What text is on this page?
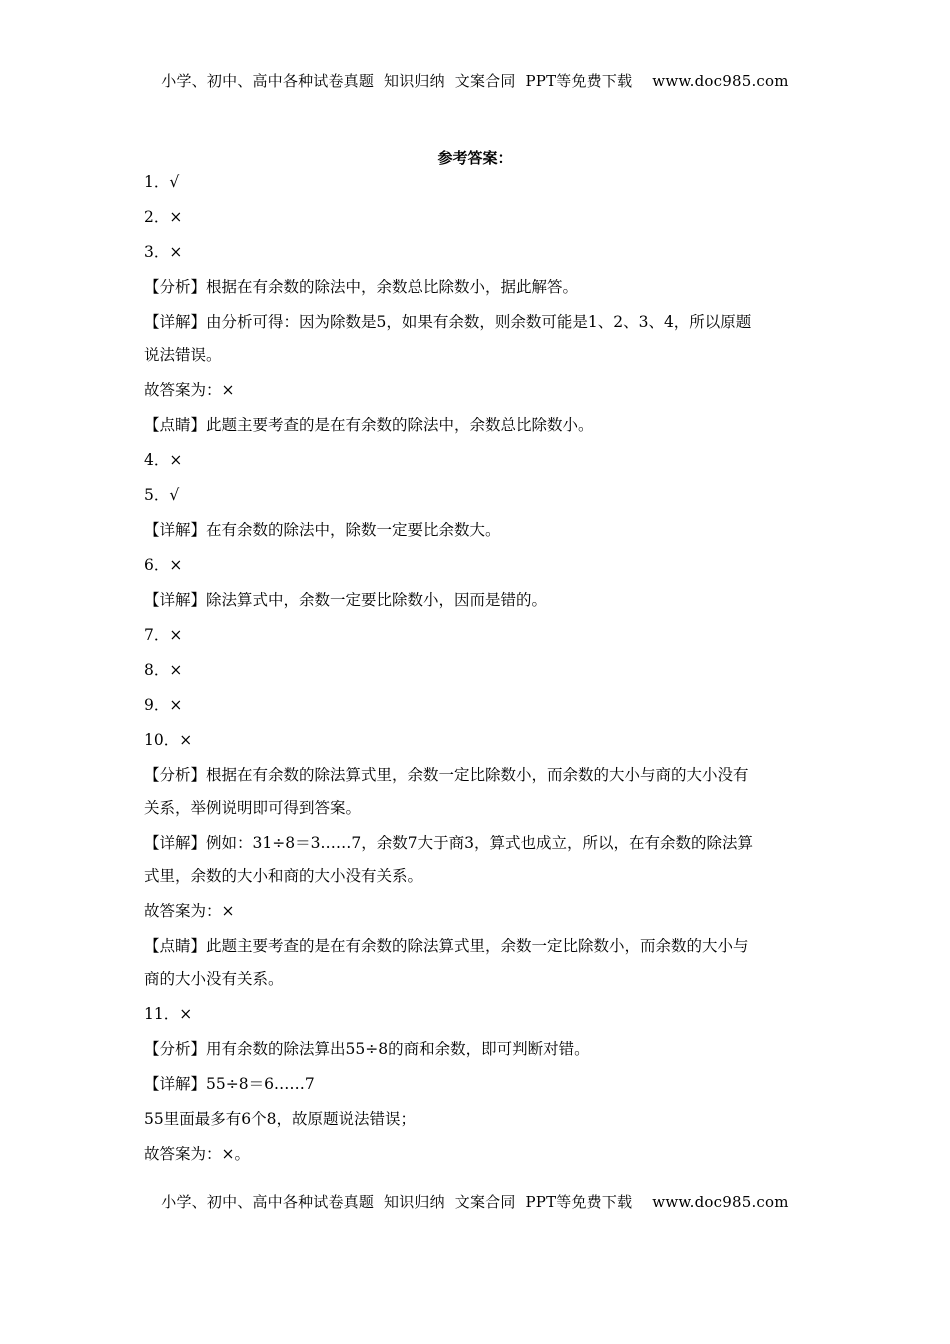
小学、初中、高中各种试卷真题  知识归纳  文案合同  PPT等免费下载 www.doc985.com
参考答案：
1．√
2．×
3．×
【分析】根据在有余数的除法中，余数总比除数小，据此解答。
【详解】由分析可得：因为除数是5，如果有余数，则余数可能是1、2、3、4，所以原题
说法错误。
故答案为：×
【点睛】此题主要考查的是在有余数的除法中，余数总比除数小。
4．×
5．√
【详解】在有余数的除法中，除数一定要比余数大。
6．×
【详解】除法算式中，余数一定要比除数小，因而是错的。
7．×
8．×
9．×
10．×
【分析】根据在有余数的除法算式里，余数一定比除数小，而余数的大小与商的大小没有
关系，举例说明即可得到答案。
【详解】例如：31÷8＝3……7，余数7大于商3，算式也成立，所以，在有余数的除法算
式里，余数的大小和商的大小没有关系。
故答案为：×
【点睛】此题主要考查的是在有余数的除法算式里，余数一定比除数小，而余数的大小与
商的大小没有关系。
11．×
【分析】用有余数的除法算出55÷8的商和余数，即可判断对错。
【详解】55÷8＝6……7
55里面最多有6个8，故原题说法错误；
故答案为：×。
小学、初中、高中各种试卷真题  知识归纳  文案合同  PPT等免费下载 www.doc985.com
